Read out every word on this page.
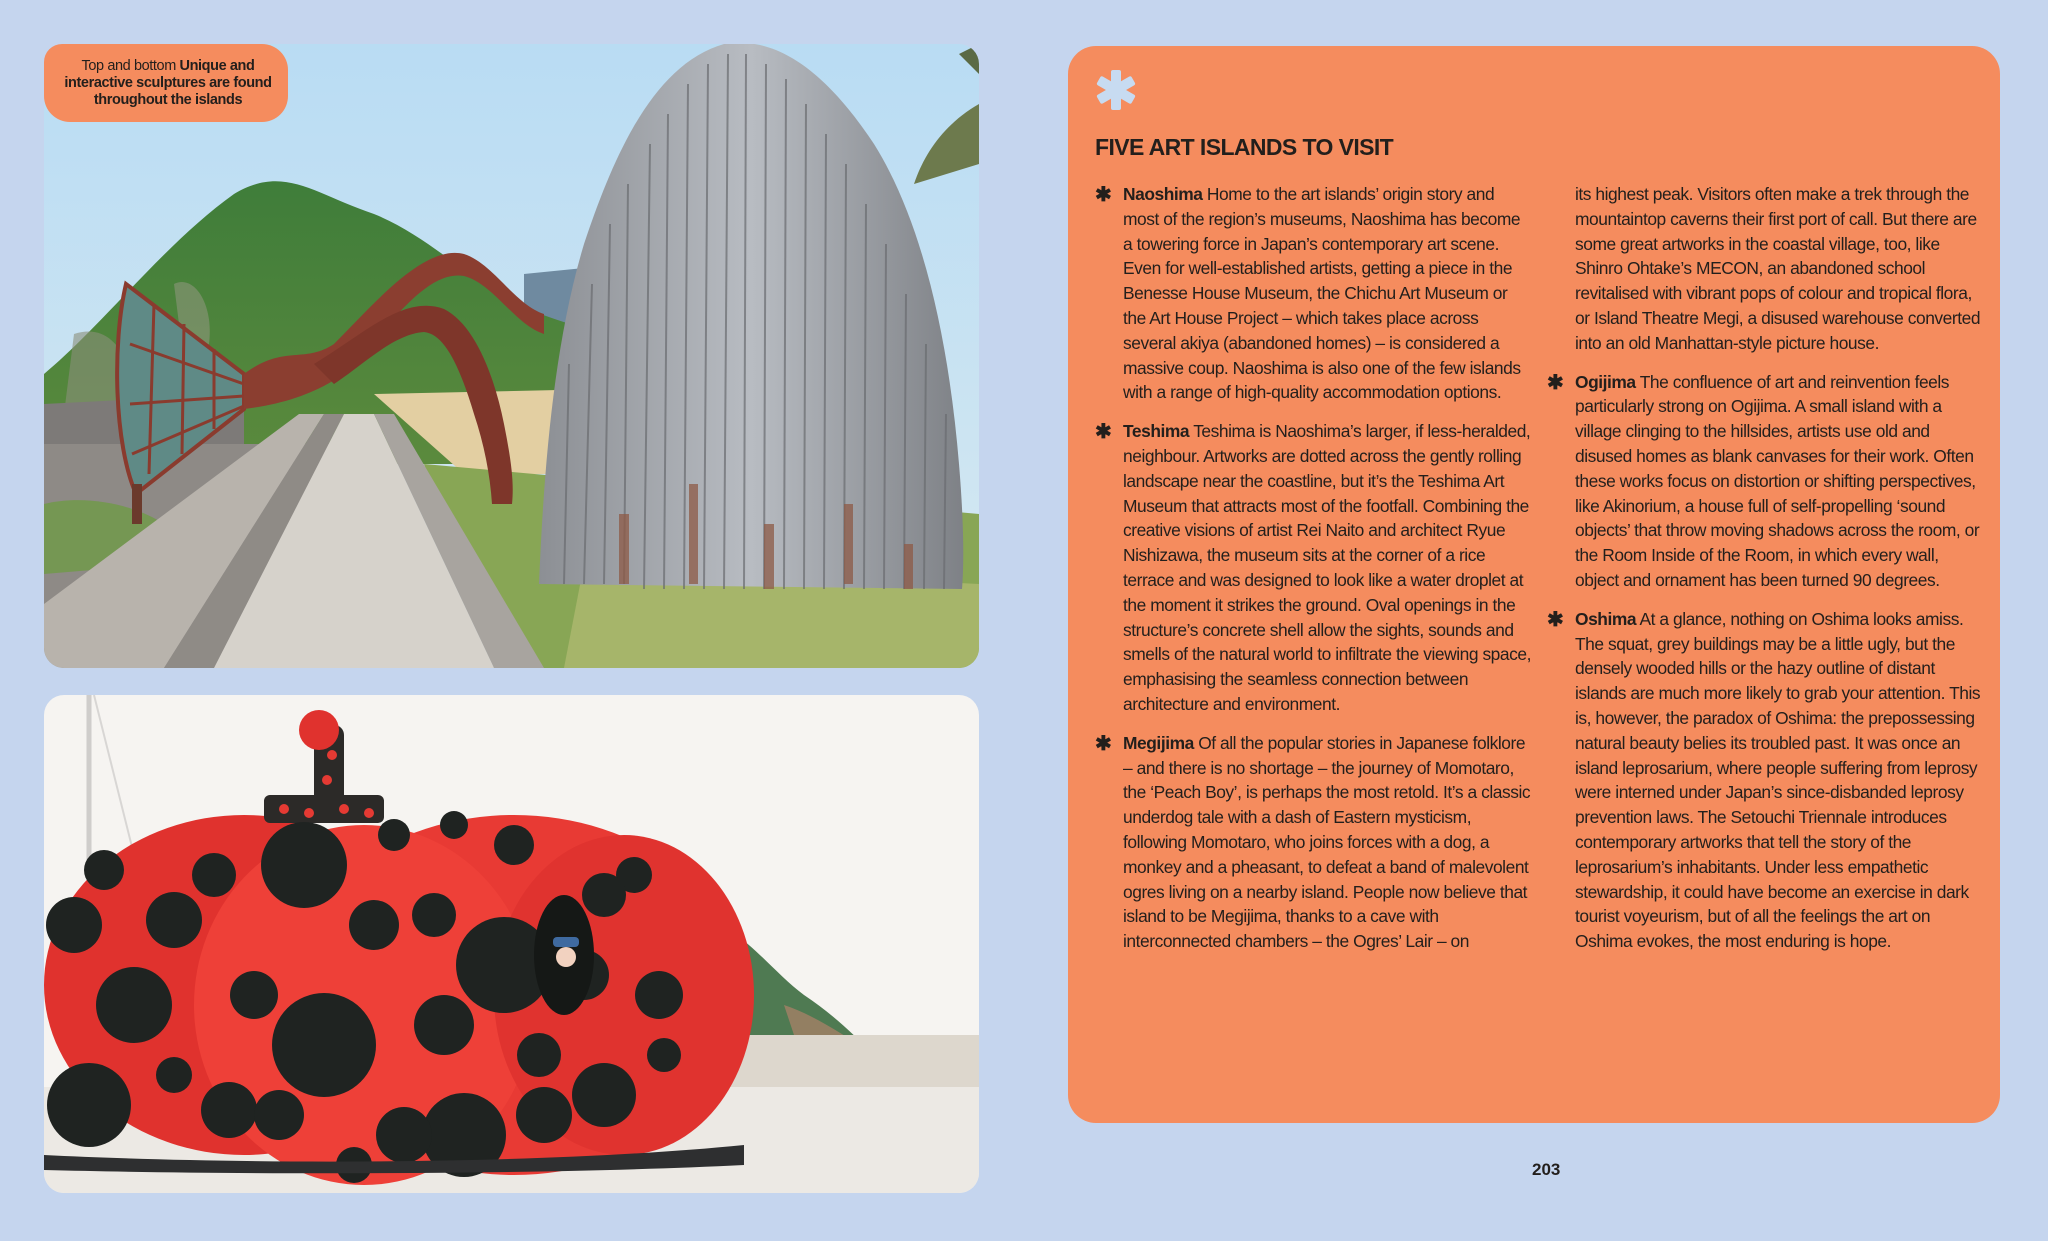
Top and bottom Unique and interactive sculptures are found throughout the islands
FIVE ART ISLANDS TO VISIT

✱ Naoshima Home to the art islands’ origin story and most of the region’s museums, Naoshima has become a towering force in Japan’s contemporary art scene. Even for well-established artists, getting a piece in the Benesse House Museum, the Chichu Art Museum or the Art House Project – which takes place across several akiya (abandoned homes) – is considered a massive coup. Naoshima is also one of the few islands with a range of high-quality accommodation options.

✱ Teshima Teshima is Naoshima’s larger, if less-heralded, neighbour. Artworks are dotted across the gently rolling landscape near the coastline, but it’s the Teshima Art Museum that attracts most of the footfall. Combining the creative visions of artist Rei Naito and architect Ryue Nishizawa, the museum sits at the corner of a rice terrace and was designed to look like a water droplet at the moment it strikes the ground. Oval openings in the structure’s concrete shell allow the sights, sounds and smells of the natural world to infiltrate the viewing space, emphasising the seamless connection between architecture and environment.

✱ Megijima Of all the popular stories in Japanese folklore – and there is no shortage – the journey of Momotaro, the ‘Peach Boy’, is perhaps the most retold. It’s a classic underdog tale with a dash of Eastern mysticism, following Momotaro, who joins forces with a dog, a monkey and a pheasant, to defeat a band of malevolent ogres living on a nearby island. People now believe that island to be Megijima, thanks to a cave with interconnected chambers – the Ogres’ Lair – on

its highest peak. Visitors often make a trek through the mountaintop caverns their first port of call. But there are some great artworks in the coastal village, too, like Shinro Ohtake’s MECON, an abandoned school revitalised with vibrant pops of colour and tropical flora, or Island Theatre Megi, a disused warehouse converted into an old Manhattan-style picture house.

✱ Ogijima The confluence of art and reinvention feels particularly strong on Ogijima. A small island with a village clinging to the hillsides, artists use old and disused homes as blank canvases for their work. Often these works focus on distortion or shifting perspectives, like Akinorium, a house full of self-propelling ‘sound objects’ that throw moving shadows across the room, or the Room Inside of the Room, in which every wall, object and ornament has been turned 90 degrees.

✱ Oshima At a glance, nothing on Oshima looks amiss. The squat, grey buildings may be a little ugly, but the densely wooded hills or the hazy outline of distant islands are much more likely to grab your attention. This is, however, the paradox of Oshima: the prepossessing natural beauty belies its troubled past. It was once an island leprosarium, where people suffering from leprosy were interned under Japan’s since-disbanded leprosy prevention laws. The Setouchi Triennale introduces contemporary artworks that tell the story of the leprosarium’s inhabitants. Under less empathetic stewardship, it could have become an exercise in dark tourist voyeurism, but of all the feelings the art on Oshima evokes, the most enduring is hope.

203
